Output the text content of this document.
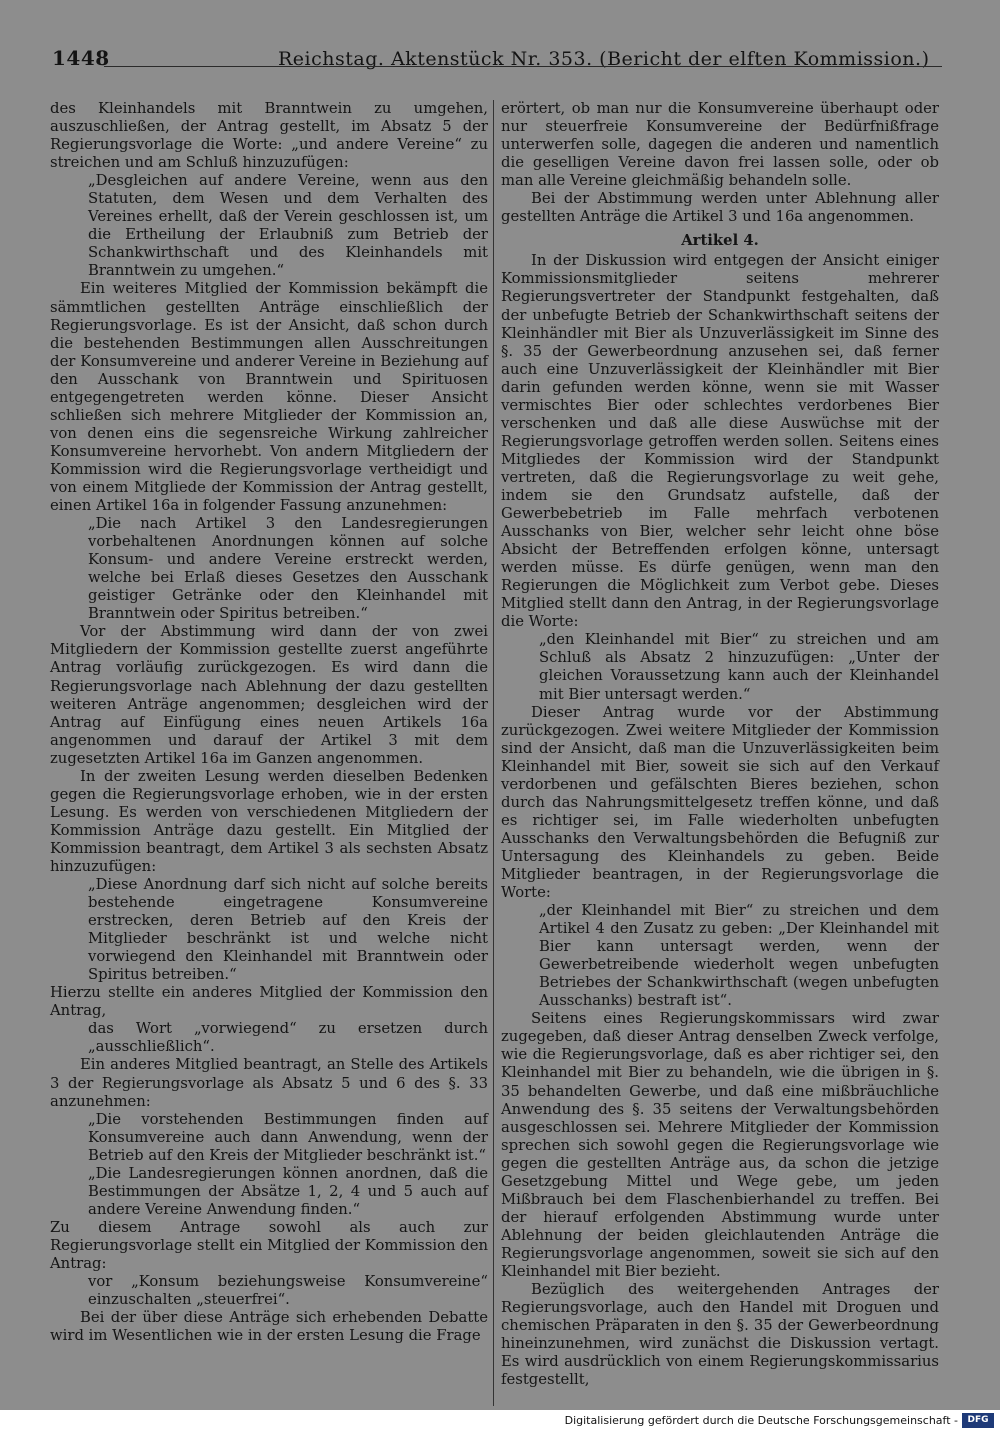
1448	Reichstag. Aktenstück Nr. 353. (Bericht der elften Kommission.)

des Kleinhandels mit Branntwein zu umgehen, auszuschließen, der Antrag gestellt, im Absatz 5 der Regierungsvorlage die Worte: „und andere Vereine“ zu streichen und am Schluß hinzuzufügen:

„Desgleichen auf andere Vereine, wenn aus den Statuten, dem Wesen und dem Verhalten des Vereines erhellt, daß der Verein geschlossen ist, um die Ertheilung der Erlaubniß zum Betrieb der Schankwirthschaft und des Kleinhandels mit Branntwein zu umgehen.“

Ein weiteres Mitglied der Kommission bekämpft die sämmtlichen gestellten Anträge einschließlich der Regierungsvorlage. Es ist der Ansicht, daß schon durch die bestehenden Bestimmungen allen Ausschreitungen der Konsumvereine und anderer Vereine in Beziehung auf den Ausschank von Branntwein und Spirituosen entgegengetreten werden könne. Dieser Ansicht schließen sich mehrere Mitglieder der Kommission an, von denen eins die segensreiche Wirkung zahlreicher Konsumvereine hervorhebt. Von andern Mitgliedern der Kommission wird die Regierungsvorlage vertheidigt und von einem Mitgliede der Kommission der Antrag gestellt, einen Artikel 16a in folgender Fassung anzunehmen:

„Die nach Artikel 3 den Landesregierungen vorbehaltenen Anordnungen können auf solche Konsum- und andere Vereine erstreckt werden, welche bei Erlaß dieses Gesetzes den Ausschank geistiger Getränke oder den Kleinhandel mit Branntwein oder Spiritus betreiben.“

Vor der Abstimmung wird dann der von zwei Mitgliedern der Kommission gestellte zuerst angeführte Antrag vorläufig zurückgezogen. Es wird dann die Regierungsvorlage nach Ablehnung der dazu gestellten weiteren Anträge angenommen; desgleichen wird der Antrag auf Einfügung eines neuen Artikels 16a angenommen und darauf der Artikel 3 mit dem zugesetzten Artikel 16a im Ganzen angenommen.

In der zweiten Lesung werden dieselben Bedenken gegen die Regierungsvorlage erhoben, wie in der ersten Lesung. Es werden von verschiedenen Mitgliedern der Kommission Anträge dazu gestellt. Ein Mitglied der Kommission beantragt, dem Artikel 3 als sechsten Absatz hinzuzufügen:

„Diese Anordnung darf sich nicht auf solche bereits bestehende eingetragene Konsumvereine erstrecken, deren Betrieb auf den Kreis der Mitglieder beschränkt ist und welche nicht vorwiegend den Kleinhandel mit Branntwein oder Spiritus betreiben.“

Hierzu stellte ein anderes Mitglied der Kommission den Antrag,

das Wort „vorwiegend“ zu ersetzen durch „ausschließlich“.

Ein anderes Mitglied beantragt, an Stelle des Artikels 3 der Regierungsvorlage als Absatz 5 und 6 des §. 33 anzunehmen:

„Die vorstehenden Bestimmungen finden auf Konsumvereine auch dann Anwendung, wenn der Betrieb auf den Kreis der Mitglieder beschränkt ist.“

„Die Landesregierungen können anordnen, daß die Bestimmungen der Absätze 1, 2, 4 und 5 auch auf andere Vereine Anwendung finden.“

Zu diesem Antrage sowohl als auch zur Regierungsvorlage stellt ein Mitglied der Kommission den Antrag:

vor „Konsum beziehungsweise Konsumvereine“ einzuschalten „steuerfrei“.

Bei der über diese Anträge sich erhebenden Debatte wird im Wesentlichen wie in der ersten Lesung die Frage

erörtert, ob man nur die Konsumvereine überhaupt oder nur steuerfreie Konsumvereine der Bedürfnißfrage unterwerfen solle, dagegen die anderen und namentlich die geselligen Vereine davon frei lassen solle, oder ob man alle Vereine gleichmäßig behandeln solle.

Bei der Abstimmung werden unter Ablehnung aller gestellten Anträge die Artikel 3 und 16a angenommen.

Artikel 4.

In der Diskussion wird entgegen der Ansicht einiger Kommissionsmitglieder seitens mehrerer Regierungsvertreter der Standpunkt festgehalten, daß der unbefugte Betrieb der Schankwirthschaft seitens der Kleinhändler mit Bier als Unzuverlässigkeit im Sinne des §. 35 der Gewerbeordnung anzusehen sei, daß ferner auch eine Unzuverlässigkeit der Kleinhändler mit Bier darin gefunden werden könne, wenn sie mit Wasser vermischtes Bier oder schlechtes verdorbenes Bier verschenken und daß alle diese Auswüchse mit der Regierungsvorlage getroffen werden sollen. Seitens eines Mitgliedes der Kommission wird der Standpunkt vertreten, daß die Regierungsvorlage zu weit gehe, indem sie den Grundsatz aufstelle, daß der Gewerbebetrieb im Falle mehrfach verbotenen Ausschanks von Bier, welcher sehr leicht ohne böse Absicht der Betreffenden erfolgen könne, untersagt werden müsse. Es dürfe genügen, wenn man den Regierungen die Möglichkeit zum Verbot gebe. Dieses Mitglied stellt dann den Antrag, in der Regierungsvorlage die Worte:

„den Kleinhandel mit Bier“ zu streichen und am Schluß als Absatz 2 hinzuzufügen: „Unter der gleichen Voraussetzung kann auch der Kleinhandel mit Bier untersagt werden.“

Dieser Antrag wurde vor der Abstimmung zurückgezogen. Zwei weitere Mitglieder der Kommission sind der Ansicht, daß man die Unzuverlässigkeiten beim Kleinhandel mit Bier, soweit sie sich auf den Verkauf verdorbenen und gefälschten Bieres beziehen, schon durch das Nahrungsmittelgesetz treffen könne, und daß es richtiger sei, im Falle wiederholten unbefugten Ausschanks den Verwaltungsbehörden die Befugniß zur Untersagung des Kleinhandels zu geben. Beide Mitglieder beantragen, in der Regierungsvorlage die Worte:

„der Kleinhandel mit Bier“ zu streichen und dem Artikel 4 den Zusatz zu geben: „Der Kleinhandel mit Bier kann untersagt werden, wenn der Gewerbetreibende wiederholt wegen unbefugten Betriebes der Schankwirthschaft (wegen unbefugten Ausschanks) bestraft ist“.

Seitens eines Regierungskommissars wird zwar zugegeben, daß dieser Antrag denselben Zweck verfolge, wie die Regierungsvorlage, daß es aber richtiger sei, den Kleinhandel mit Bier zu behandeln, wie die übrigen in §. 35 behandelten Gewerbe, und daß eine mißbräuchliche Anwendung des §. 35 seitens der Verwaltungsbehörden ausgeschlossen sei. Mehrere Mitglieder der Kommission sprechen sich sowohl gegen die Regierungsvorlage wie gegen die gestellten Anträge aus, da schon die jetzige Gesetzgebung Mittel und Wege gebe, um jeden Mißbrauch bei dem Flaschenbierhandel zu treffen. Bei der hierauf erfolgenden Abstimmung wurde unter Ablehnung der beiden gleichlautenden Anträge die Regierungsvorlage angenommen, soweit sie sich auf den Kleinhandel mit Bier bezieht.

Bezüglich des weitergehenden Antrages der Regierungsvorlage, auch den Handel mit Droguen und chemischen Präparaten in den §. 35 der Gewerbeordnung hineinzunehmen, wird zunächst die Diskussion vertagt. Es wird ausdrücklich von einem Regierungskommissarius festgestellt,

Digitalisierung gefördert durch die Deutsche Forschungsgemeinschaft -	DFG
